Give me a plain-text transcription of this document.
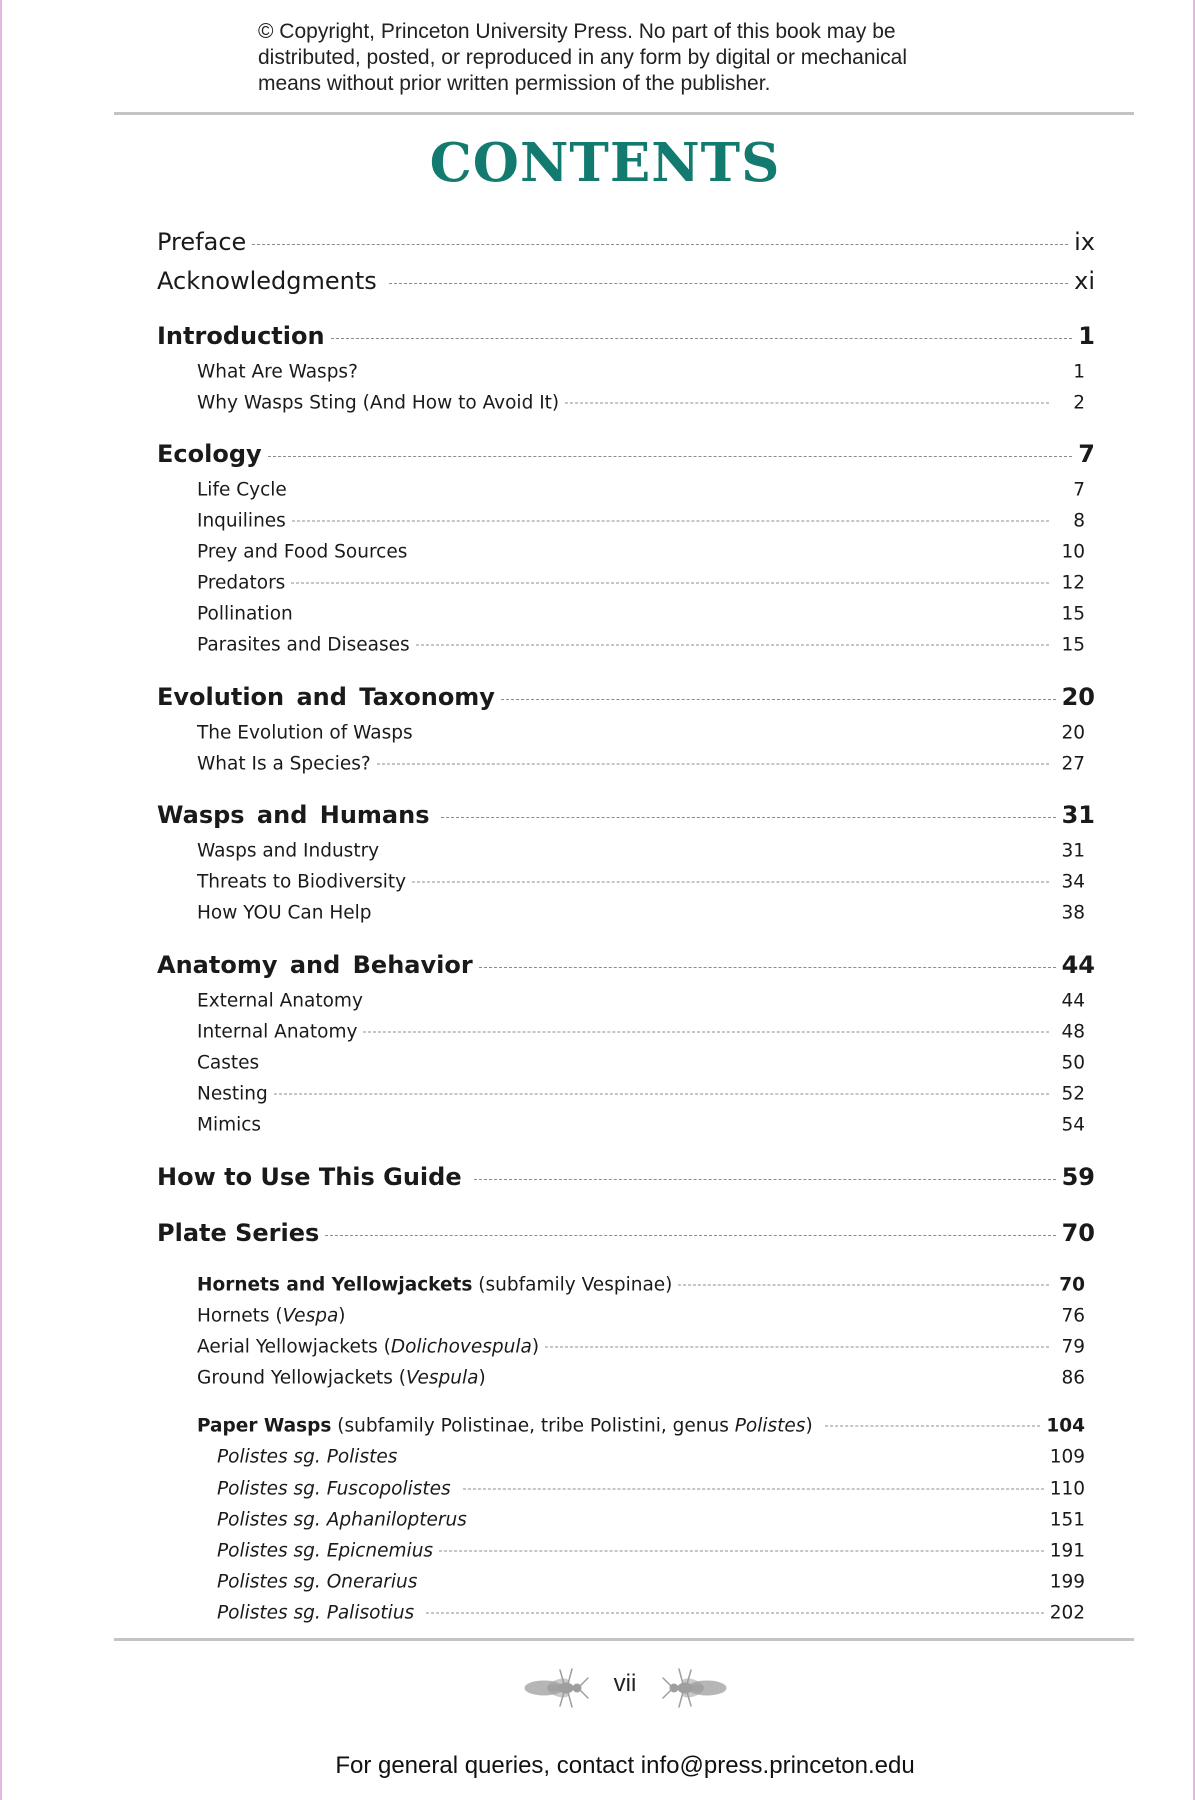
© Copyright, Princeton University Press. No part of this book may be
distributed, posted, or reproduced in any form by digital or mechanical
means without prior written permission of the publisher.
CONTENTS
Preface	ix
Acknowledgments	xi
Introduction	1
What Are Wasps?	1
Why Wasps Sting (And How to Avoid It)	2
Ecology	7
Life Cycle	7
Inquilines	8
Prey and Food Sources	10
Predators	12
Pollination	15
Parasites and Diseases	15
Evolution and Taxonomy	20
The Evolution of Wasps	20
What Is a Species?	27
Wasps and Humans	31
Wasps and Industry	31
Threats to Biodiversity	34
How YOU Can Help	38
Anatomy and Behavior	44
External Anatomy	44
Internal Anatomy	48
Castes	50
Nesting	52
Mimics	54
How to Use This Guide	59
Plate Series	70
Hornets and Yellowjackets (subfamily Vespinae)	70
Hornets (Vespa)	76
Aerial Yellowjackets (Dolichovespula)	79
Ground Yellowjackets (Vespula)	86
Paper Wasps (subfamily Polistinae, tribe Polistini, genus Polistes)	104
Polistes sg. Polistes	109
Polistes sg. Fuscopolistes	110
Polistes sg. Aphanilopterus	151
Polistes sg. Epicnemius	191
Polistes sg. Onerarius	199
Polistes sg. Palisotius	202
vii
For general queries, contact info@press.princeton.edu
